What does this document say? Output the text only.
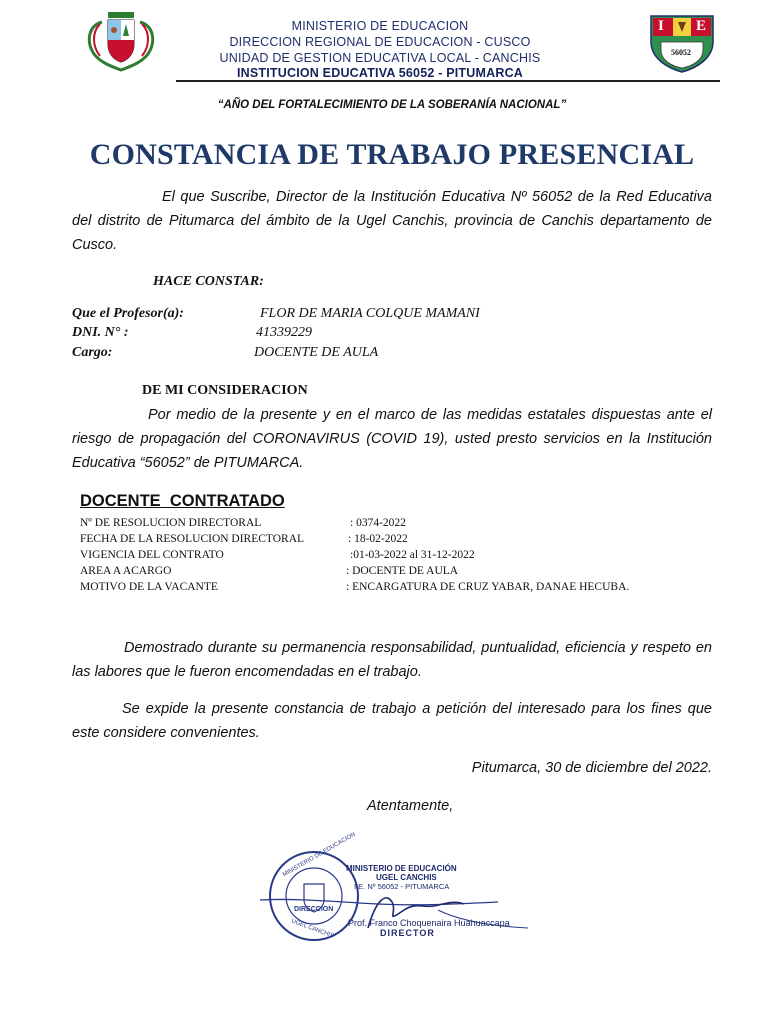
MINISTERIO DE EDUCACION
DIRECCION REGIONAL DE EDUCACION - CUSCO
UNIDAD DE GESTION EDUCATIVA LOCAL - CANCHIS
INSTITUCION EDUCATIVA 56052 - PITUMARCA
I E
56052
“AÑO DEL FORTALECIMIENTO DE LA SOBERANÍA NACIONAL”
CONSTANCIA DE TRABAJO PRESENCIAL
El que Suscribe, Director de la Institución Educativa Nº 56052 de la Red Educativa del distrito de Pitumarca del ámbito de la Ugel Canchis, provincia de Canchis departamento de Cusco.
HACE CONSTAR:
Que el Profesor(a):	FLOR DE MARIA COLQUE MAMANI
DNI. N° :	41339229
Cargo:	DOCENTE DE AULA
DE MI CONSIDERACION
Por medio de la presente y en el marco de las medidas estatales dispuestas ante el riesgo de propagación del CORONAVIRUS (COVID 19), usted presto servicios en la Institución Educativa “56052” de PITUMARCA.
DOCENTE  CONTRATADO
Nº DE RESOLUCION DIRECTORAL	: 0374-2022
FECHA DE LA RESOLUCION DIRECTORAL	: 18-02-2022
VIGENCIA DEL CONTRATO	:01-03-2022 al 31-12-2022
AREA A ACARGO	: DOCENTE DE AULA
MOTIVO DE LA VACANTE	: ENCARGATURA DE CRUZ YABAR, DANAE HECUBA.
Demostrado durante su permanencia responsabilidad, puntualidad, eficiencia y respeto en las labores que le fueron encomendadas en el trabajo.
Se expide la presente constancia de trabajo a petición del interesado para los fines que este considere convenientes.
Pitumarca, 30 de diciembre del 2022.
Atentamente,
MINISTERIO DE EDUCACION
DIRECCION
UGEL CANCHIS
MINISTERIO DE EDUCACIÓN
UGEL CANCHIS
I.E. Nº 56052 - PITUMARCA
Prof. Franco Choquenaira Huahuaccapa
DIRECTOR
